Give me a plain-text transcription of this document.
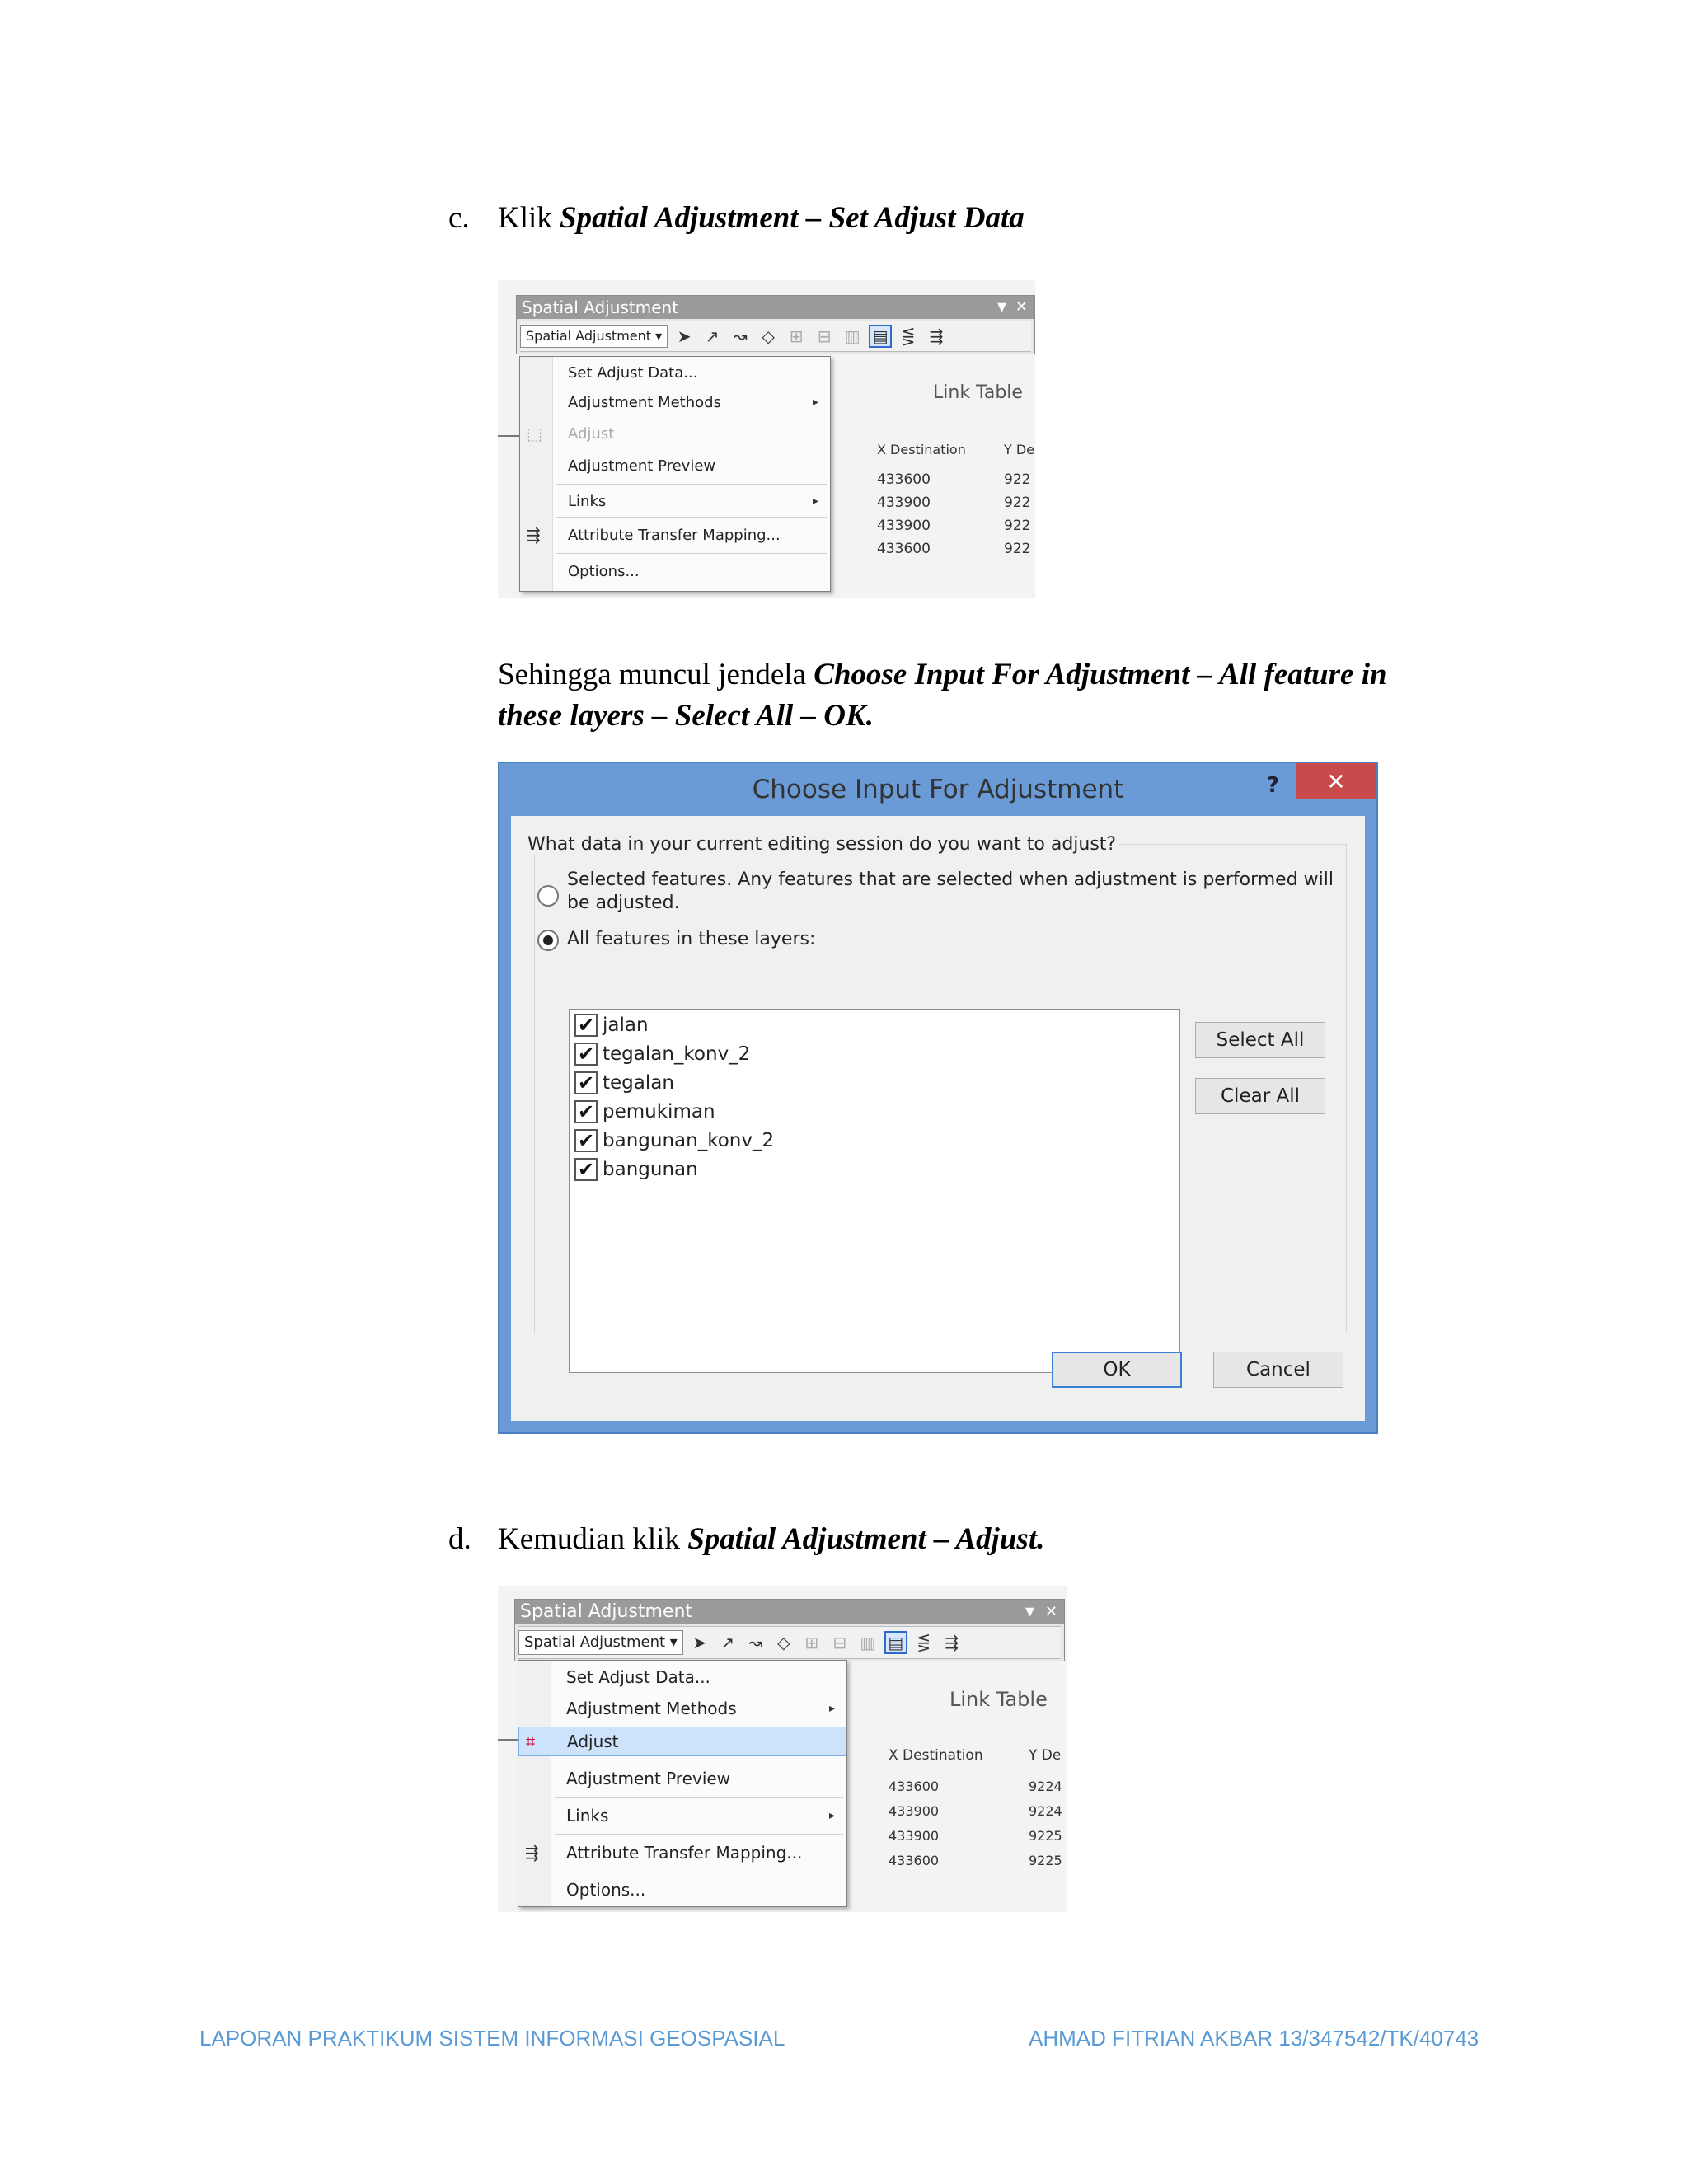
c. Klik Spatial Adjustment – Set Adjust Data
Spatial Adjustment	▾ ✕
Spatial Adjustment ▾ ➤ ↗ ↝ ◇ ⊞ ⊟ ▥ ▤ ⋚ ⇶
Link Table
X Destination	Y De
433600	922
433900	922
433900	922
433600	922
Set Adjust Data...
Adjustment Methods	▸
⬚ Adjust
Adjustment Preview
Links	▸
⇶ Attribute Transfer Mapping...
Options...
Sehingga muncul jendela Choose Input For Adjustment – All feature in
these layers – Select All – OK.
Choose Input For Adjustment	?	✕
What data in your current editing session do you want to adjust?
Selected features. Any features that are selected when adjustment is performed will
be adjusted.
All features in these layers:
✔ jalan
✔ tegalan_konv_2
✔ tegalan
✔ pemukiman
✔ bangunan_konv_2
✔ bangunan
Select All
Clear All
OK	Cancel
d. Kemudian klik Spatial Adjustment – Adjust.
Spatial Adjustment	▾ ✕
Spatial Adjustment ▾ ➤ ↗ ↝ ◇ ⊞ ⊟ ▥ ▤ ⋚ ⇶
Link Table
X Destination	Y De
433600	9224
433900	9224
433900	9225
433600	9225
Set Adjust Data...
Adjustment Methods	▸
⌗ Adjust
Adjustment Preview
Links	▸
⇶ Attribute Transfer Mapping...
Options...
LAPORAN PRAKTIKUM SISTEM INFORMASI GEOSPASIAL	AHMAD FITRIAN AKBAR 13/347542/TK/40743
